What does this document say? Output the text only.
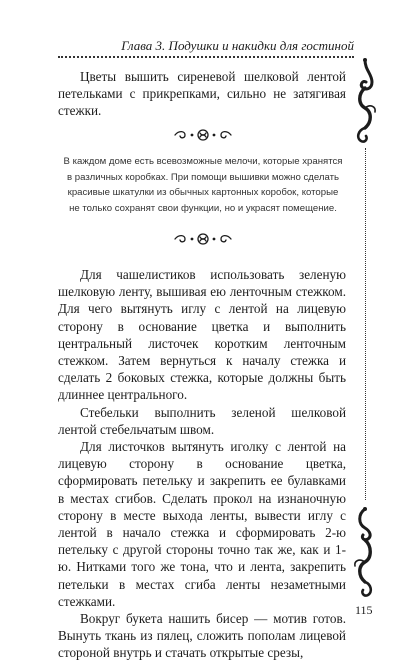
Глава 3. Подушки и накидки для гостиной

Цветы вышить сиреневой шелковой лентой петельками с прикрепками, сильно не затягивая стежки.

В каждом доме есть всевозможные мелочи, которые хранятся в различных коробках. При помощи вышивки можно сделать красивые шкатулки из обычных картонных коробок, которые не только сохранят свои функции, но и украсят помещение.

Для чашелистиков использовать зеленую шелковую ленту, вышивая ею ленточным стежком. Для чего вытянуть иглу с лентой на лицевую сторону в основание цветка и выполнить центральный листочек коротким ленточным стежком. Затем вернуться к началу стежка и сделать 2 боковых стежка, которые должны быть длиннее центрального.

Стебельки выполнить зеленой шелковой лентой стебельчатым швом.

Для листочков вытянуть иголку с лентой на лицевую сторону в основание цветка, сформировать петельку и закрепить ее булавками в местах сгибов. Сделать прокол на изнаночную сторону в месте выхода ленты, вывести иглу с лентой в начало стежка и сформировать 2-ю петельку с другой стороны точно так же, как и 1-ю. Нитками того же тона, что и лента, закрепить петельки в местах сгиба ленты незаметными стежками.

Вокруг букета нашить бисер — мотив готов. Вынуть ткань из пялец, сложить пополам лицевой стороной внутрь и стачать открытые срезы,

115
